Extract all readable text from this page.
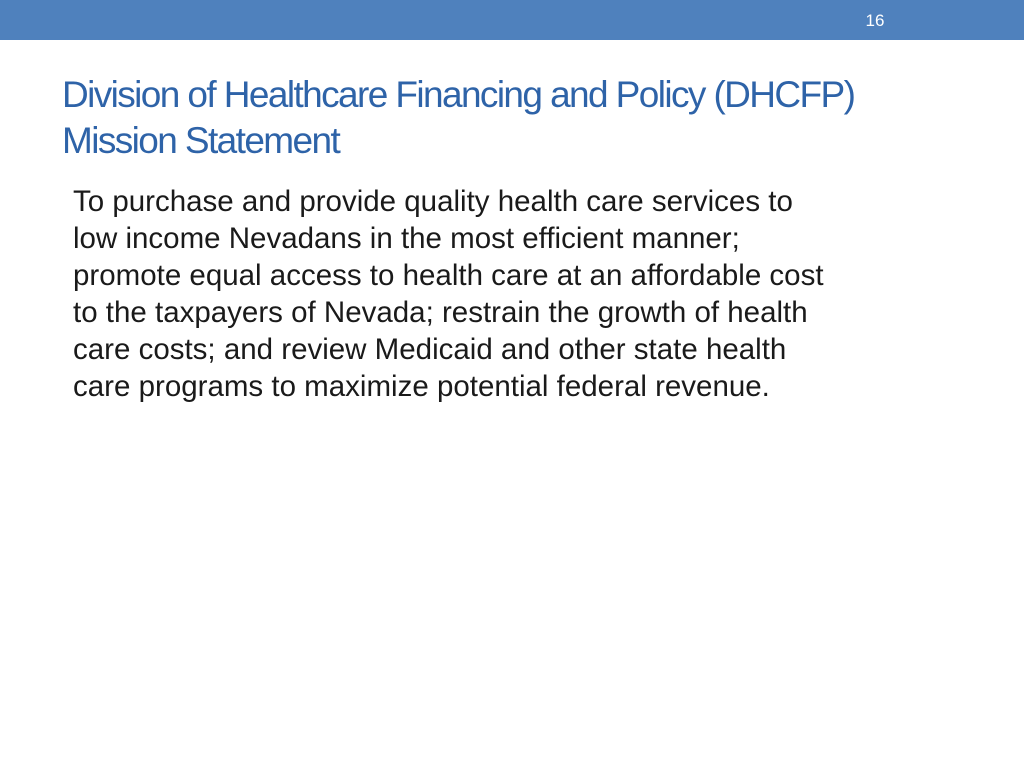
16
Division of Healthcare Financing and Policy (DHCFP)
Mission Statement

To purchase and provide quality health care services to
low income Nevadans in the most efficient manner;
promote equal access to health care at an affordable cost
to the taxpayers of Nevada; restrain the growth of health
care costs; and review Medicaid and other state health
care programs to maximize potential federal revenue.
